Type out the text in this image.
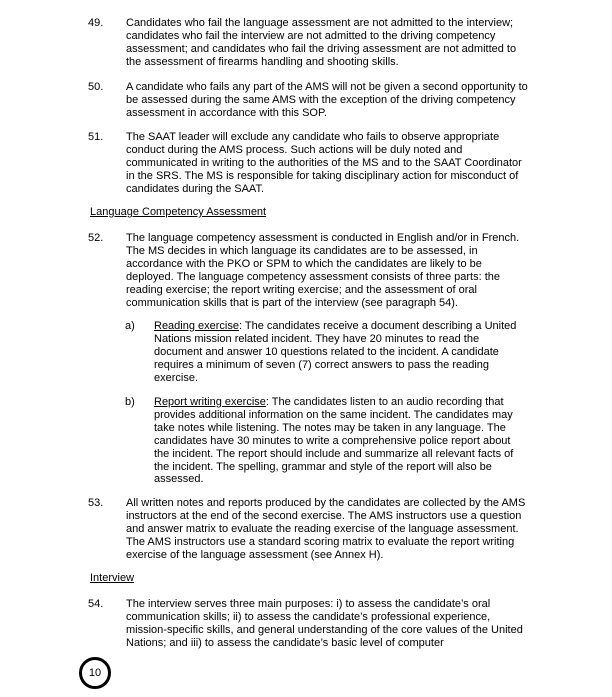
49.	Candidates who fail the language assessment are not admitted to the interview; candidates who fail the interview are not admitted to the driving competency assessment; and candidates who fail the driving assessment are not admitted to the assessment of firearms handling and shooting skills.
50.	A candidate who fails any part of the AMS will not be given a second opportunity to be assessed during the same AMS with the exception of the driving competency assessment in accordance with this SOP.
51.	The SAAT leader will exclude any candidate who fails to observe appropriate conduct during the AMS process. Such actions will be duly noted and communicated in writing to the authorities of the MS and to the SAAT Coordinator in the SRS. The MS is responsible for taking disciplinary action for misconduct of candidates during the SAAT.
Language Competency Assessment
52.	The language competency assessment is conducted in English and/or in French. The MS decides in which language its candidates are to be assessed, in accordance with the PKO or SPM to which the candidates are likely to be deployed. The language competency assessment consists of three parts: the reading exercise; the report writing exercise; and the assessment of oral communication skills that is part of the interview (see paragraph 54).
a) Reading exercise: The candidates receive a document describing a United Nations mission related incident. They have 20 minutes to read the document and answer 10 questions related to the incident. A candidate requires a minimum of seven (7) correct answers to pass the reading exercise.
b) Report writing exercise: The candidates listen to an audio recording that provides additional information on the same incident. The candidates may take notes while listening. The notes may be taken in any language. The candidates have 30 minutes to write a comprehensive police report about the incident. The report should include and summarize all relevant facts of the incident. The spelling, grammar and style of the report will also be assessed.
53.	All written notes and reports produced by the candidates are collected by the AMS instructors at the end of the second exercise. The AMS instructors use a question and answer matrix to evaluate the reading exercise of the language assessment. The AMS instructors use a standard scoring matrix to evaluate the report writing exercise of the language assessment (see Annex H).
Interview
54.	The interview serves three main purposes: i) to assess the candidate’s oral communication skills; ii) to assess the candidate’s professional experience, mission-specific skills, and general understanding of the core values of the United Nations; and iii) to assess the candidate’s basic level of computer
10
